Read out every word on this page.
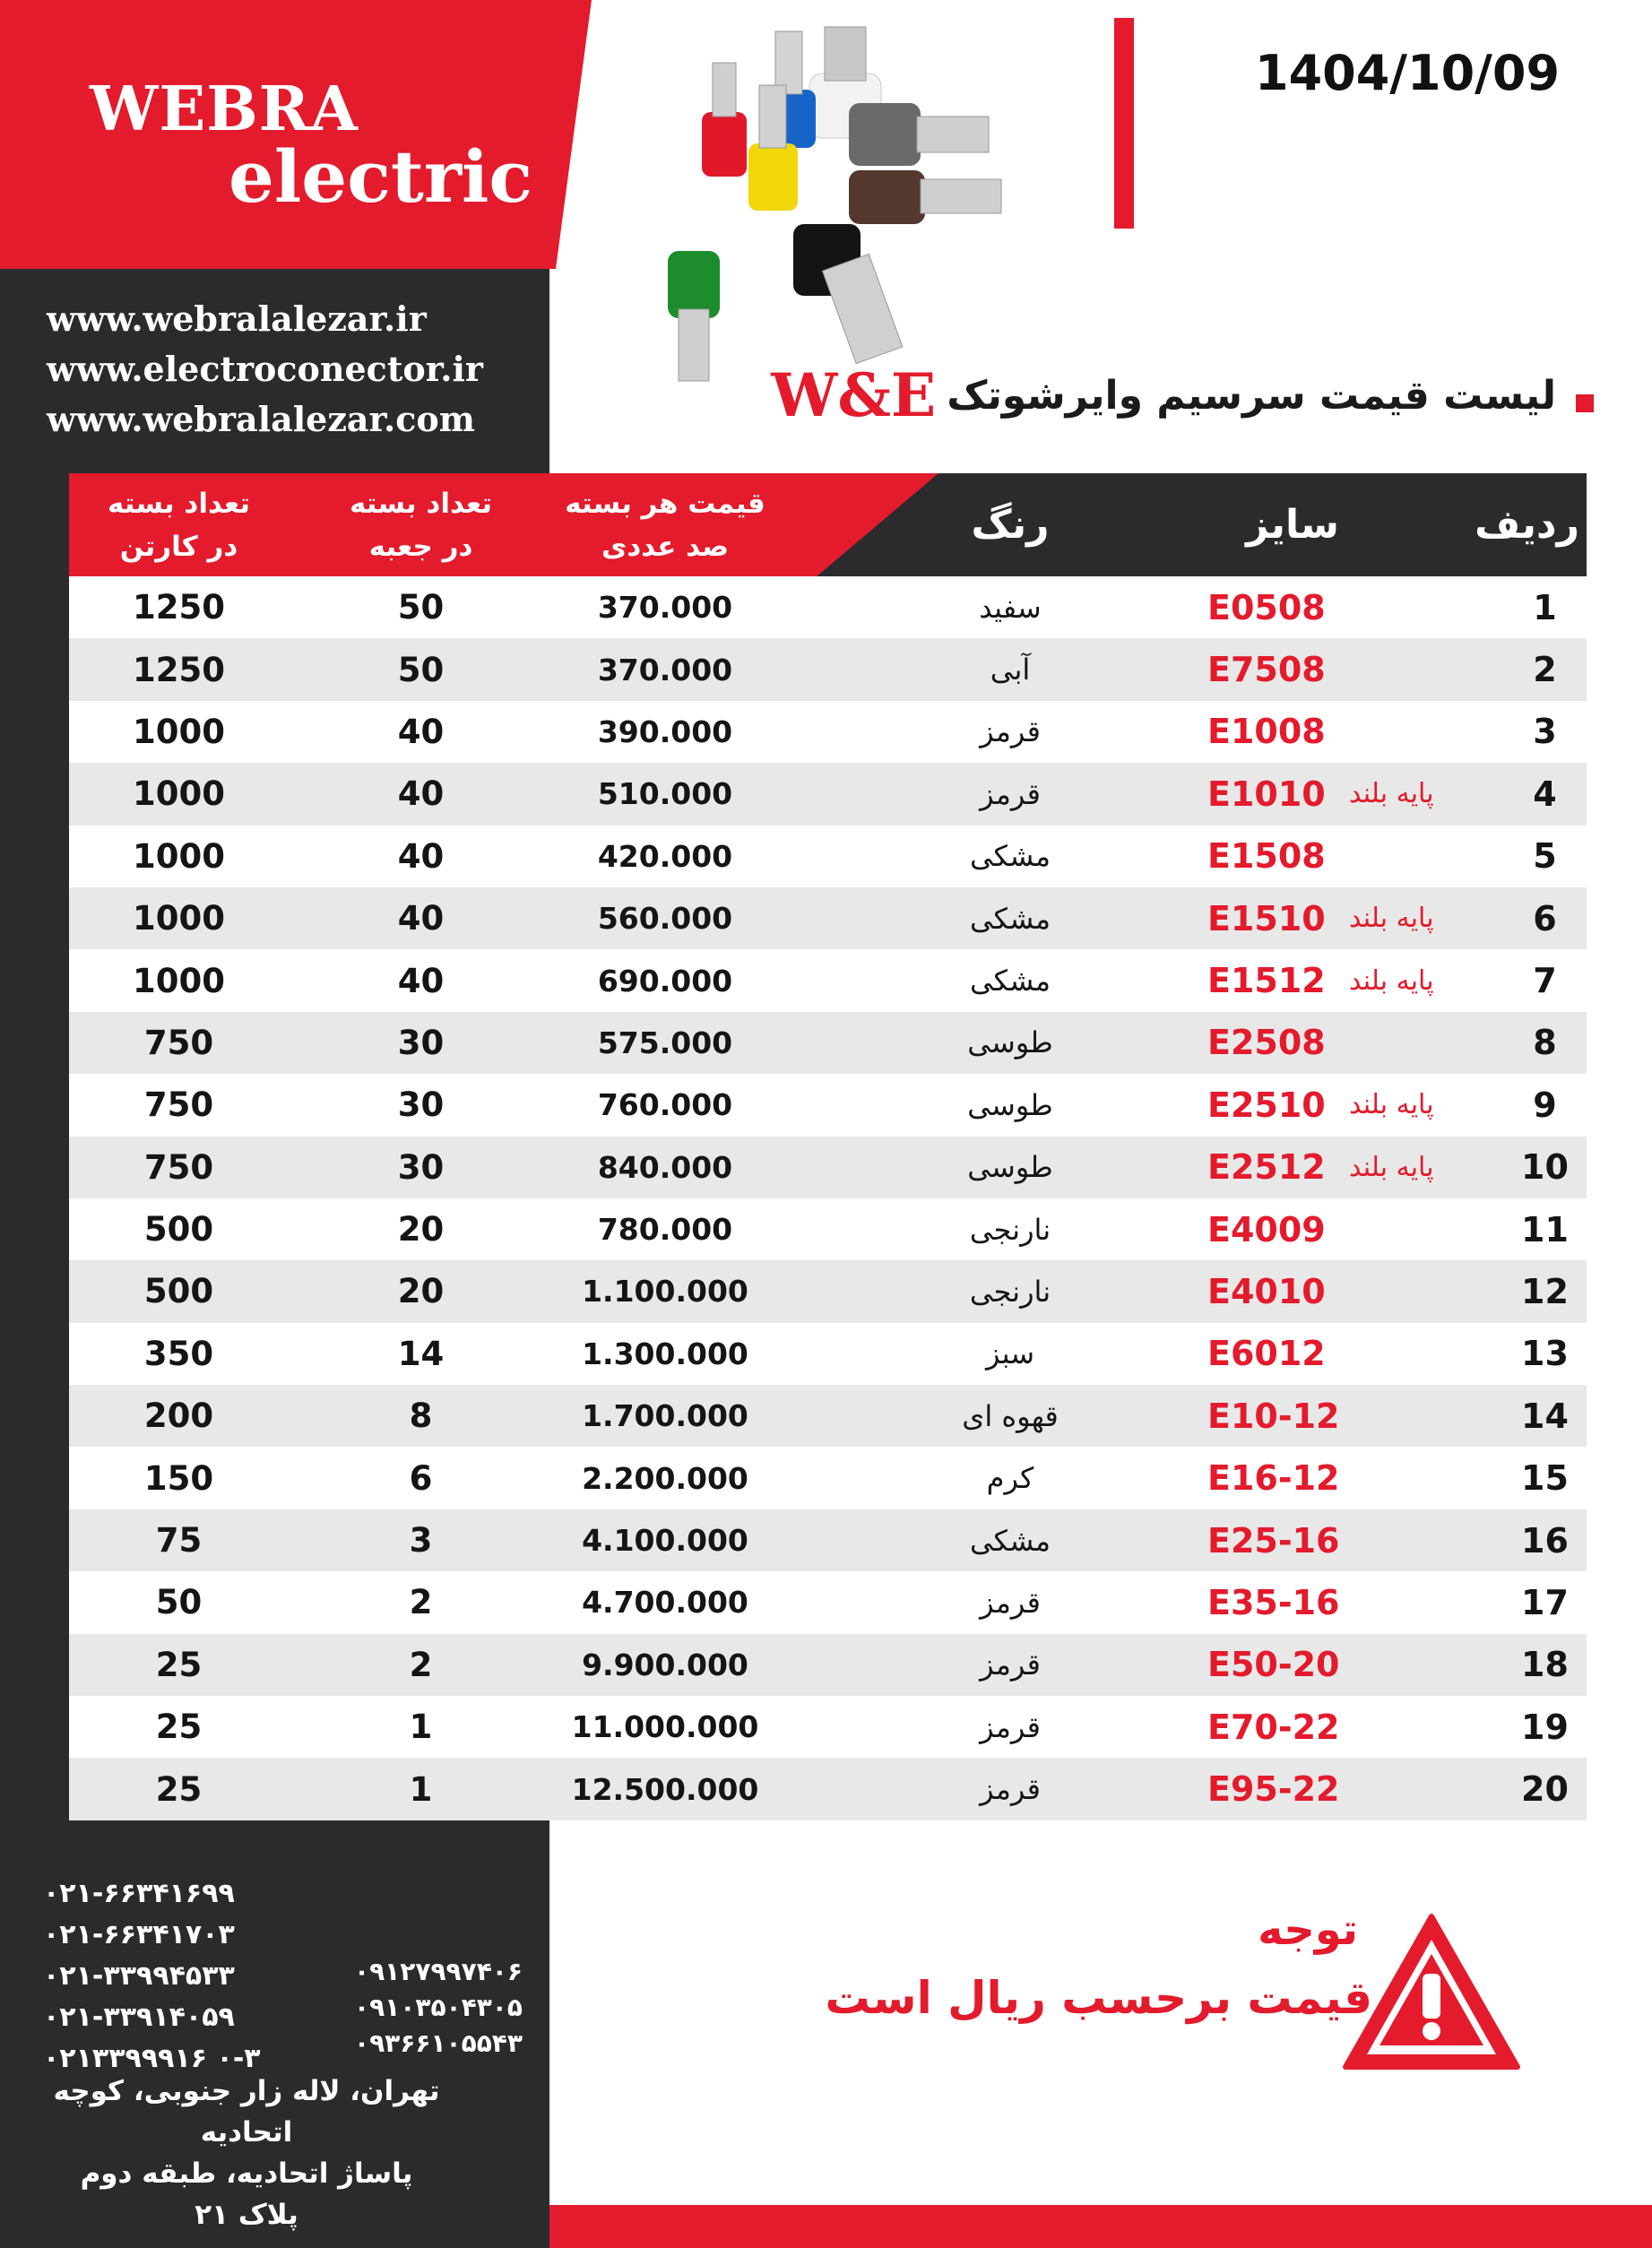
WEBRA
electric
www.webralalezar.ir
www.electroconector.ir
www.webralalezar.com
1404/10/09
لیست قیمت سرسیم وایرشوتک
W&E
تعداد بسته
در کارتن
تعداد بسته
در جعبه
قیمت هر بسته
صد عددی	رنگ	سایز	ردیف
1250	50	370.000	سفید	E0508	1
1250	50	370.000	آبی	E7508	2
1000	40	390.000	قرمز	E1008	3
1000	40	510.000	قرمز	E1010 پایه بلند	4
1000	40	420.000	مشکی	E1508	5
1000	40	560.000	مشکی	E1510 پایه بلند	6
1000	40	690.000	مشکی	E1512 پایه بلند	7
750	30	575.000	طوسی	E2508	8
750	30	760.000	طوسی	E2510 پایه بلند	9
750	30	840.000	طوسی	E2512 پایه بلند	10
500	20	780.000	نارنجی	E4009	11
500	20	1.100.000	نارنجی	E4010	12
350	14	1.300.000	سبز	E6012	13
200	8	1.700.000	قهوه ای	E10-12	14
150	6	2.200.000	کرم	E16-12	15
75	3	4.100.000	مشکی	E25-16	16
50	2	4.700.000	قرمز	E35-16	17
25	2	9.900.000	قرمز	E50-20	18
25	1	11.000.000	قرمز	E70-22	19
25	1	12.500.000	قرمز	E95-22	20
۰۲۱-۶۶۳۴۱۶۹۹
۰۲۱-۶۶۳۴۱۷۰۳
۰۲۱-۳۳۹۹۴۵۳۳
۰۲۱-۳۳۹۱۴۰۵۹
۰۲۱۳۳۹۹۹۱۶ ۰-۳
۰۹۱۲۷۹۹۷۴۰۶
۰۹۱۰۳۵۰۴۳۰۵
۰۹۳۶۶۱۰۵۵۴۳
تهران، لاله زار جنوبی، کوچه اتحادیه
پاساژ اتحادیه، طبقه دوم
پلاک ۲۱
توجه
قیمت برحسب ریال است
